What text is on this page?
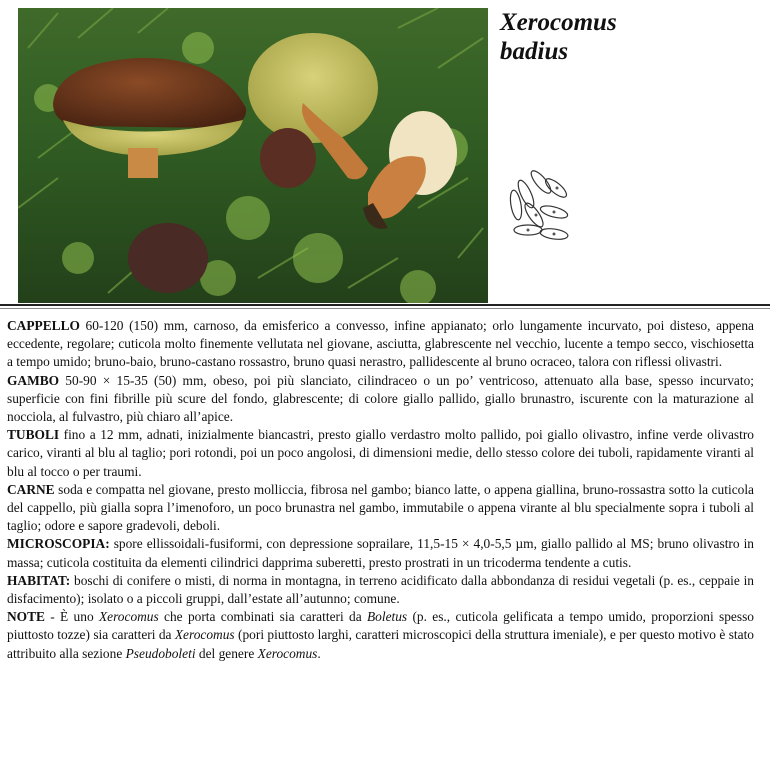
Xerocomus
badius

CAPPELLO 60-120 (150) mm, carnoso, da emisferico a convesso, infine appianato; orlo lungamente incurvato, poi disteso, appena eccedente, regolare; cuticola molto finemente vellutata nel giovane, asciutta, glabrescente nel vecchio, lucente a tempo secco, vischiosetta a tempo umido; bruno-baio, bruno-castano rossastro, bruno quasi nerastro, pallidescente al bruno ocraceo, talora con riflessi olivastri.

GAMBO 50-90 × 15-35 (50) mm, obeso, poi più slanciato, cilindraceo o un po’ ventricoso, attenuato alla base, spesso incurvato; superficie con fini fibrille più scure del fondo, glabrescente; di colore giallo pallido, giallo brunastro, iscurente con la maturazione al nocciola, al fulvastro, più chiaro all’apice.

TUBOLI fino a 12 mm, adnati, inizialmente biancastri, presto giallo verdastro molto pallido, poi giallo olivastro, infine verde olivastro carico, viranti al blu al taglio; pori rotondi, poi un poco angolosi, di dimensioni medie, dello stesso colore dei tuboli, rapidamente viranti al blu al tocco o per traumi.

CARNE soda e compatta nel giovane, presto molliccia, fibrosa nel gambo; bianco latte, o appena giallina, bruno-rossastra sotto la cuticola del cappello, più gialla sopra l’imenoforo, un poco brunastra nel gambo, immutabile o appena virante al blu specialmente sopra i tuboli al taglio; odore e sapore gradevoli, deboli.

MICROSCOPIA: spore ellissoidali-fusiformi, con depressione soprailare, 11,5-15 × 4,0-5,5 µm, giallo pallido al MS; bruno olivastro in massa; cuticola costituita da elementi cilindrici dapprima suberetti, presto prostrati in un tricoderma tendente a cutis.

HABITAT: boschi di conifere o misti, di norma in montagna, in terreno acidificato dalla abbondanza di residui vegetali (p. es., ceppaie in disfacimento); isolato o a piccoli gruppi, dall’estate all’autunno; comune.

NOTE - È uno Xerocomus che porta combinati sia caratteri da Boletus (p. es., cuticola gelificata a tempo umido, proporzioni spesso piuttosto tozze) sia caratteri da Xerocomus (pori piuttosto larghi, caratteri microscopici della struttura imeniale), e per questo motivo è stato attribuito alla sezione Pseudoboleti del genere Xerocomus.
